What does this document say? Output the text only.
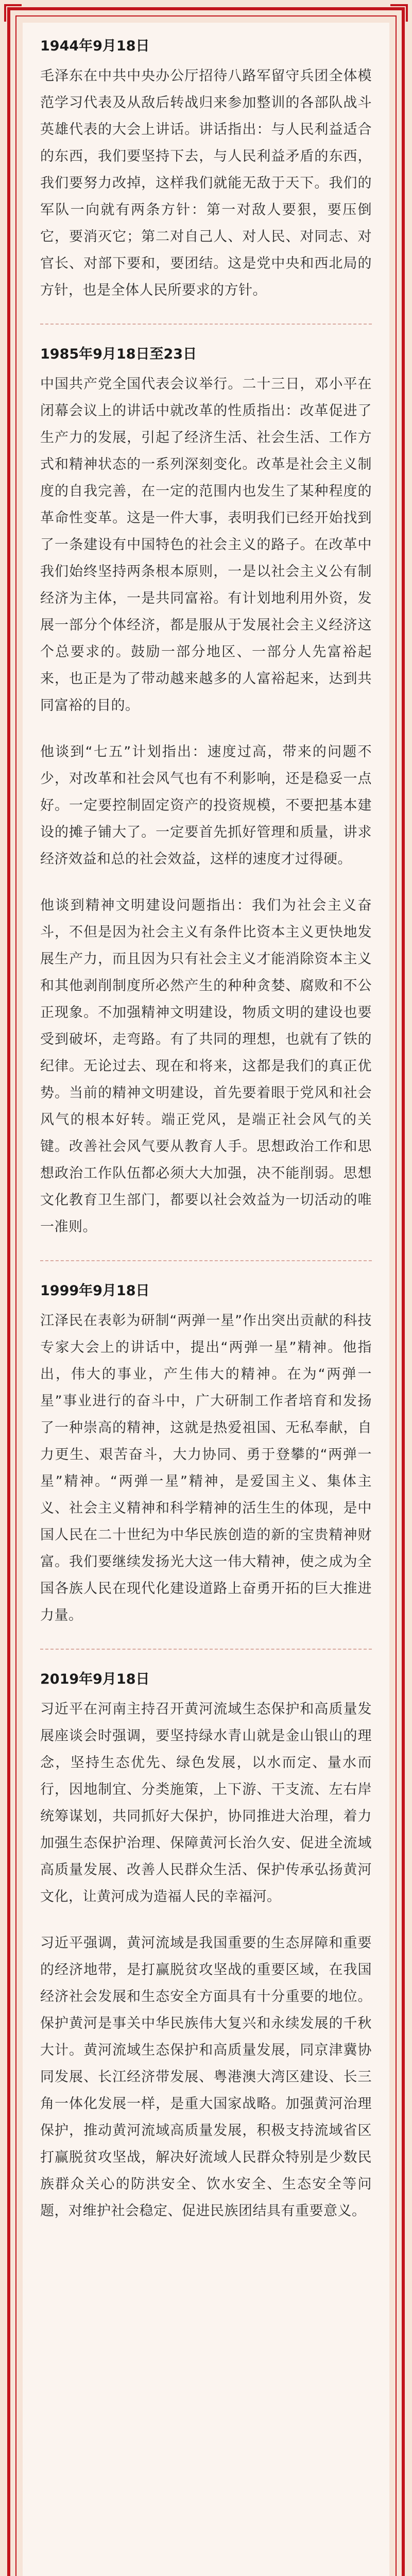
1944年9月18日

毛泽东在中共中央办公厅招待八路军留守兵团全体模范学习代表及从敌后转战归来参加整训的各部队战斗英雄代表的大会上讲话。讲话指出：与人民利益适合的东西，我们要坚持下去，与人民利益矛盾的东西，我们要努力改掉，这样我们就能无敌于天下。我们的军队一向就有两条方针：第一对敌人要狠，要压倒它，要消灭它；第二对自己人、对人民、对同志、对官长、对部下要和，要团结。这是党中央和西北局的方针，也是全体人民所要求的方针。

1985年9月18日至23日

中国共产党全国代表会议举行。二十三日，邓小平在闭幕会议上的讲话中就改革的性质指出：改革促进了生产力的发展，引起了经济生活、社会生活、工作方式和精神状态的一系列深刻变化。改革是社会主义制度的自我完善，在一定的范围内也发生了某种程度的革命性变革。这是一件大事，表明我们已经开始找到了一条建设有中国特色的社会主义的路子。在改革中我们始终坚持两条根本原则，一是以社会主义公有制经济为主体，一是共同富裕。有计划地利用外资，发展一部分个体经济，都是服从于发展社会主义经济这个总要求的。鼓励一部分地区、一部分人先富裕起来，也正是为了带动越来越多的人富裕起来，达到共同富裕的目的。

他谈到“七五”计划指出：速度过高，带来的问题不少，对改革和社会风气也有不利影响，还是稳妥一点好。一定要控制固定资产的投资规模，不要把基本建设的摊子铺大了。一定要首先抓好管理和质量，讲求经济效益和总的社会效益，这样的速度才过得硬。

他谈到精神文明建设问题指出：我们为社会主义奋斗，不但是因为社会主义有条件比资本主义更快地发展生产力，而且因为只有社会主义才能消除资本主义和其他剥削制度所必然产生的种种贪婪、腐败和不公正现象。不加强精神文明建设，物质文明的建设也要受到破坏，走弯路。有了共同的理想，也就有了铁的纪律。无论过去、现在和将来，这都是我们的真正优势。当前的精神文明建设，首先要着眼于党风和社会风气的根本好转。端正党风，是端正社会风气的关键。改善社会风气要从教育人手。思想政治工作和思想政治工作队伍都必须大大加强，决不能削弱。思想文化教育卫生部门，都要以社会效益为一切活动的唯一准则。

1999年9月18日

江泽民在表彰为研制“两弹一星”作出突出贡献的科技专家大会上的讲话中，提出“两弹一星”精神。他指出，伟大的事业，产生伟大的精神。在为“两弹一星”事业进行的奋斗中，广大研制工作者培育和发扬了一种崇高的精神，这就是热爱祖国、无私奉献，自力更生、艰苦奋斗，大力协同、勇于登攀的“两弹一星”精神。“两弹一星”精神，是爱国主义、集体主义、社会主义精神和科学精神的活生生的体现，是中国人民在二十世纪为中华民族创造的新的宝贵精神财富。我们要继续发扬光大这一伟大精神，使之成为全国各族人民在现代化建设道路上奋勇开拓的巨大推进力量。

2019年9月18日

习近平在河南主持召开黄河流域生态保护和高质量发展座谈会时强调，要坚持绿水青山就是金山银山的理念，坚持生态优先、绿色发展，以水而定、量水而行，因地制宜、分类施策，上下游、干支流、左右岸统筹谋划，共同抓好大保护，协同推进大治理，着力加强生态保护治理、保障黄河长治久安、促进全流域高质量发展、改善人民群众生活、保护传承弘扬黄河文化，让黄河成为造福人民的幸福河。

习近平强调，黄河流域是我国重要的生态屏障和重要的经济地带，是打赢脱贫攻坚战的重要区域，在我国经济社会发展和生态安全方面具有十分重要的地位。保护黄河是事关中华民族伟大复兴和永续发展的千秋大计。黄河流域生态保护和高质量发展，同京津冀协同发展、长江经济带发展、粤港澳大湾区建设、长三角一体化发展一样，是重大国家战略。加强黄河治理保护，推动黄河流域高质量发展，积极支持流域省区打赢脱贫攻坚战，解决好流域人民群众特别是少数民族群众关心的防洪安全、饮水安全、生态安全等问题，对维护社会稳定、促进民族团结具有重要意义。
